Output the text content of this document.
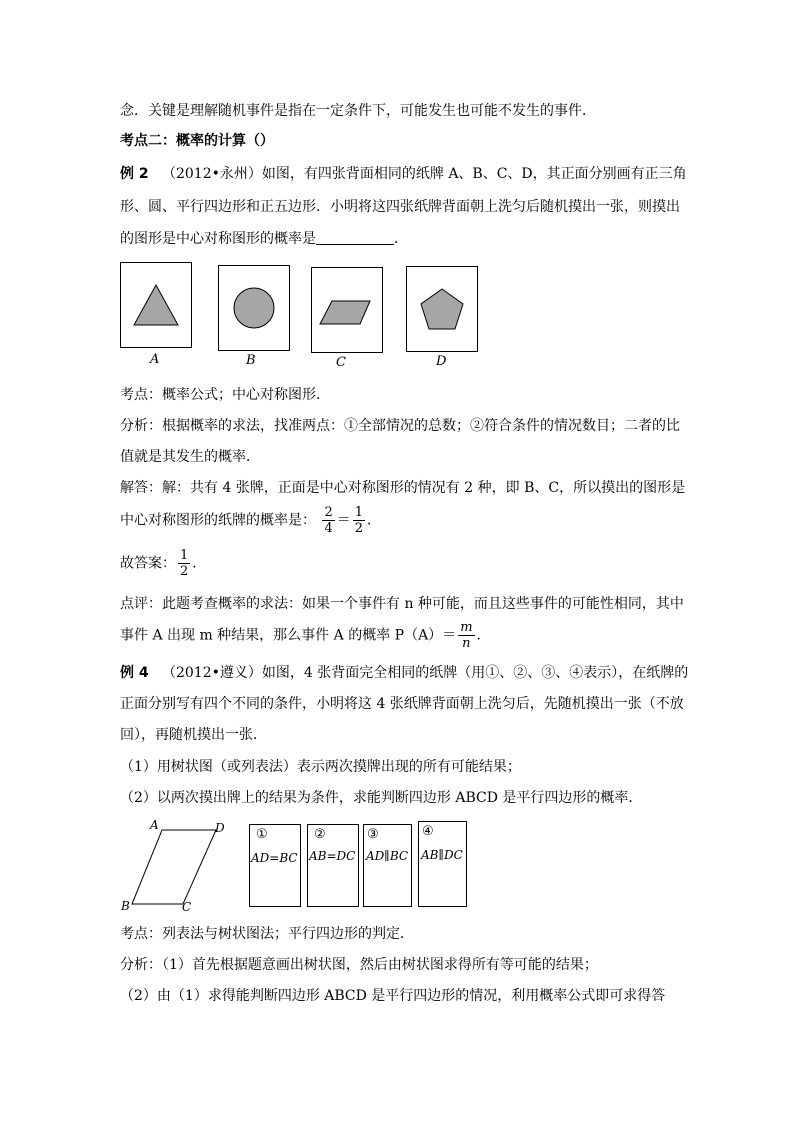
念．关键是理解随机事件是指在一定条件下，可能发生也可能不发生的事件．
考点二：概率的计算（）
例 2 （2012•永州）如图，有四张背面相同的纸牌 A、B、C、D，其正面分别画有正三角
形、圆、平行四边形和正五边形．小明将这四张纸牌背面朝上洗匀后随机摸出一张，则摸出
的图形是中心对称图形的概率是	．
A	B	C	D
考点：概率公式；中心对称图形．
分析：根据概率的求法，找准两点：①全部情况的总数；②符合条件的情况数目；二者的比
值就是其发生的概率．
解答：解：共有 4 张牌，正面是中心对称图形的情况有 2 种，即 B、C，所以摸出的图形是
中心对称图形的纸牌的概率是： $\frac{2}{4} = \frac{1}{2}$ ．
故答案： $\frac{1}{2}$ ．
点评：此题考查概率的求法：如果一个事件有 n 种可能，而且这些事件的可能性相同，其中
事件 A 出现 m 种结果，那么事件 A 的概率 $P(A)= \frac{m}{n}$ ．
例 4 （2012•遵义）如图，4 张背面完全相同的纸牌（用①、②、③、④表示），在纸牌的
正面分别写有四个不同的条件，小明将这 4 张纸牌背面朝上洗匀后，先随机摸出一张（不放
回），再随机摸出一张．
（1）用树状图（或列表法）表示两次摸牌出现的所有可能结果；
（2）以两次摸出牌上的结果为条件，求能判断四边形 ABCD 是平行四边形的概率．
A	D
B	C
①
AD=BC
②
AB=DC
③
AD∥BC
④
AB∥DC
考点：列表法与树状图法；平行四边形的判定．
分析：（1）首先根据题意画出树状图，然后由树状图求得所有等可能的结果；
（2）由（1）求得能判断四边形 ABCD 是平行四边形的情况，利用概率公式即可求得答
